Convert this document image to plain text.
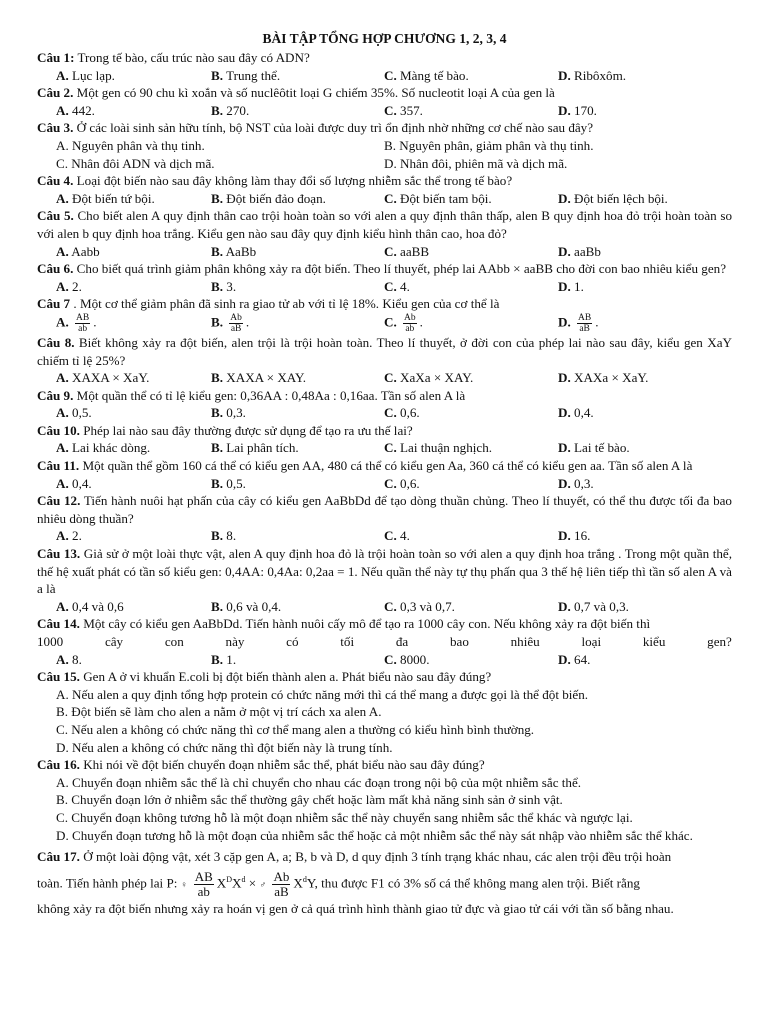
BÀI TẬP TỔNG HỢP CHƯƠNG 1, 2, 3, 4
Câu 1: Trong tế bào, cấu trúc nào sau đây có ADN?
A. Lục lạp.	B. Trung thể.	C. Màng tế bào.	D. Ribôxôm.
Câu 2. Một gen có 90 chu kì xoắn và số nuclêôtit loại G chiếm 35%. Số nucleotit loại A của gen là
A. 442.	B. 270.	C. 357.	D. 170.
Câu 3. Ở các loài sinh sản hữu tính, bộ NST của loài được duy trì ổn định nhờ những cơ chế nào sau đây?
A. Nguyên phân và thụ tinh.	B. Nguyên phân, giảm phân và thụ tinh.
C. Nhân đôi ADN và dịch mã.	D. Nhân đôi, phiên mã và dịch mã.
Câu 4. Loại đột biến nào sau đây không làm thay đổi số lượng nhiễm sắc thể trong tế bào?
A. Đột biến tứ bội.	B. Đột biến đảo đoạn.	C. Đột biến tam bội.	D. Đột biến lệch bội.
Câu 5. Cho biết alen A quy định thân cao trội hoàn toàn so với alen a quy định thân thấp, alen B quy định hoa đỏ trội hoàn toàn so với alen b quy định hoa trắng. Kiểu gen nào sau đây quy định kiểu hình thân cao, hoa đỏ?
A. Aabb	B. AaBb	C. aaBB	D. aaBb
Câu 6. Cho biết quá trình giảm phân không xảy ra đột biến. Theo lí thuyết, phép lai AAbb × aaBB cho đời con bao nhiêu kiểu gen?
A. 2.	B. 3.	C. 4.	D. 1.
Câu 7 . Một cơ thể giảm phân đã sinh ra giao tử ab với tỉ lệ 18%. Kiểu gen của cơ thể là
A. $\frac{AB}{ab}$ .	B. $\frac{Ab}{aB}$ .	C. $\frac{Ab}{ab}$ .	D. $\frac{AB}{aB}$ .
Câu 8. Biết không xảy ra đột biến, alen trội là trội hoàn toàn. Theo lí thuyết, ở đời con của phép lai nào sau đây, kiểu gen XaY chiếm tỉ lệ 25%?
A. XAXA × XaY.	B. XAXA × XAY.	C. XaXa × XAY.	D. XAXa × XaY.
Câu 9. Một quần thể có tỉ lệ kiểu gen: 0,36AA : 0,48Aa : 0,16aa. Tần số alen A là
A. 0,5.	B. 0,3.	C. 0,6.	D. 0,4.
Câu 10. Phép lai nào sau đây thường được sử dụng để tạo ra ưu thế lai?
A. Lai khác dòng.	B. Lai phân tích.	C. Lai thuận nghịch.	D. Lai tế bào.
Câu 11. Một quần thể gồm 160 cá thể có kiểu gen AA, 480 cá thể có kiểu gen Aa, 360 cá thể có kiểu gen aa. Tần số alen A là
A. 0,4.	B. 0,5.	C. 0,6.	D. 0,3.
Câu 12. Tiến hành nuôi hạt phấn của cây có kiểu gen AaBbDd để tạo dòng thuần chủng. Theo lí thuyết, có thể thu được tối đa bao nhiêu dòng thuần?
A. 2.	B. 8.	C. 4.	D. 16.
Câu 13. Giả sử ở một loài thực vật, alen A quy định hoa đỏ là trội hoàn toàn so với alen a quy định hoa trắng . Trong một quần thể, thế hệ xuất phát có tần số kiểu gen: 0,4AA: 0,4Aa: 0,2aa = 1. Nếu quần thể này tự thụ phấn qua 3 thế hệ liên tiếp thì tần số alen A và a là
A. 0,4 và 0,6	B. 0,6 và 0,4.	C. 0,3 và 0,7.	D. 0,7 và 0,3.
Câu 14. Một cây có kiểu gen AaBbDd. Tiến hành nuôi cấy mô để tạo ra 1000 cây con. Nếu không xảy ra đột biến thì
1000	cây	con	này	có	tối	đa	bao	nhiêu	loại	kiểu	gen?
A. 8.	B. 1.	C. 8000.	D. 64.
Câu 15. Gen A ở vi khuẩn E.coli bị đột biến thành alen a. Phát biểu nào sau đây đúng?
A. Nếu alen a quy định tổng hợp protein có chức năng mới thì cá thể mang a được gọi là thể đột biến.
B. Đột biến sẽ làm cho alen a nằm ở một vị trí cách xa alen A.
C. Nếu alen a không có chức năng thì cơ thể mang alen a thường có kiểu hình bình thường.
D. Nếu alen a không có chức năng thì đột biến này là trung tính.
Câu 16. Khi nói về đột biến chuyển đoạn nhiễm sắc thể, phát biểu nào sau đây đúng?
A. Chuyển đoạn nhiễm sắc thể là chỉ chuyển cho nhau các đoạn trong nội bộ của một nhiễm sắc thể.
B. Chuyển đoạn lớn ở nhiễm sắc thể thường gây chết hoặc làm mất khả năng sinh sản ở sinh vật.
C. Chuyển đoạn không tương hỗ là một đoạn nhiễm sắc thể này chuyển sang nhiễm sắc thể khác và ngược lại.
D. Chuyển đoạn tương hỗ là một đoạn của nhiễm sắc thể hoặc cả một nhiễm sắc thể này sát nhập vào nhiễm sắc thể khác.
Câu 17. Ở một loài động vật, xét 3 cặp gen A, a; B, b và D, d quy định 3 tính trạng khác nhau, các alen trội đều trội hoàn
toàn. Tiến hành phép lai P: ♀ $\frac{AB}{ab} X^DX^d$ × ♂ $\frac{Ab}{aB} X^dY$, thu được F1 có 3% số cá thể không mang alen trội. Biết rằng
không xảy ra đột biến nhưng xảy ra hoán vị gen ở cả quá trình hình thành giao tử đực và giao tử cái với tần số bằng nhau.
